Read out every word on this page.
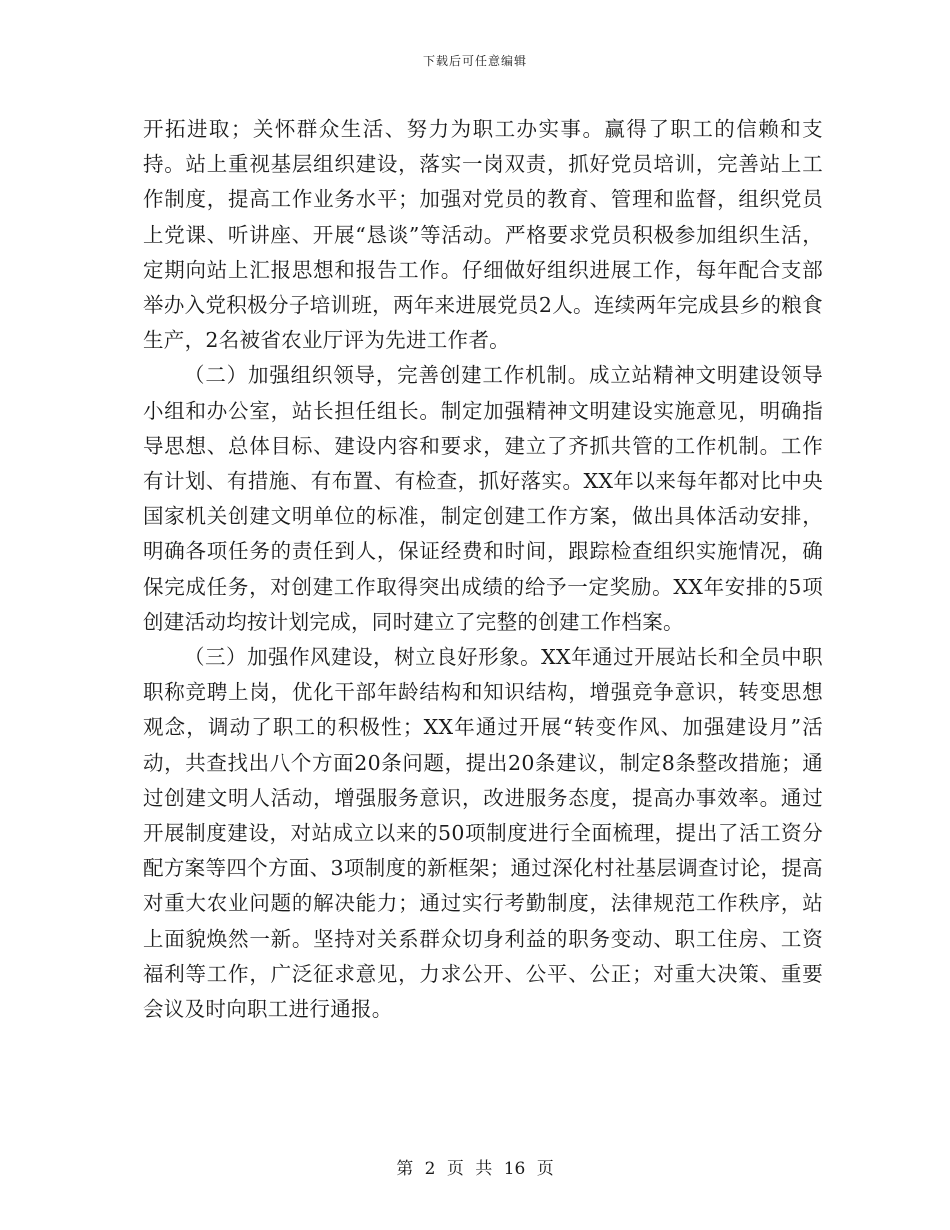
下载后可任意编辑

开拓进取；关怀群众生活、努力为职工办实事。赢得了职工的信赖和支持。站上重视基层组织建设，落实一岗双责，抓好党员培训，完善站上工作制度，提高工作业务水平；加强对党员的教育、管理和监督，组织党员上党课、听讲座、开展“恳谈”等活动。严格要求党员积极参加组织生活，定期向站上汇报思想和报告工作。仔细做好组织进展工作，每年配合支部举办入党积极分子培训班，两年来进展党员2人。连续两年完成县乡的粮食生产，2名被省农业厅评为先进工作者。

（二）加强组织领导，完善创建工作机制。成立站精神文明建设领导小组和办公室，站长担任组长。制定加强精神文明建设实施意见，明确指导思想、总体目标、建设内容和要求，建立了齐抓共管的工作机制。工作有计划、有措施、有布置、有检查，抓好落实。XX年以来每年都对比中央国家机关创建文明单位的标准，制定创建工作方案，做出具体活动安排，明确各项任务的责任到人，保证经费和时间，跟踪检查组织实施情况，确保完成任务，对创建工作取得突出成绩的给予一定奖励。XX年安排的5项创建活动均按计划完成，同时建立了完整的创建工作档案。

（三）加强作风建设，树立良好形象。XX年通过开展站长和全员中职职称竞聘上岗，优化干部年龄结构和知识结构，增强竞争意识，转变思想观念，调动了职工的积极性；XX年通过开展“转变作风、加强建设月”活动，共查找出八个方面20条问题，提出20条建议，制定8条整改措施；通过创建文明人活动，增强服务意识，改进服务态度，提高办事效率。通过开展制度建设，对站成立以来的50项制度进行全面梳理，提出了活工资分配方案等四个方面、3项制度的新框架；通过深化村社基层调查讨论，提高对重大农业问题的解决能力；通过实行考勤制度，法律规范工作秩序，站上面貌焕然一新。坚持对关系群众切身利益的职务变动、职工住房、工资福利等工作，广泛征求意见，力求公开、公平、公正；对重大决策、重要会议及时向职工进行通报。

第 2 页 共 16 页
